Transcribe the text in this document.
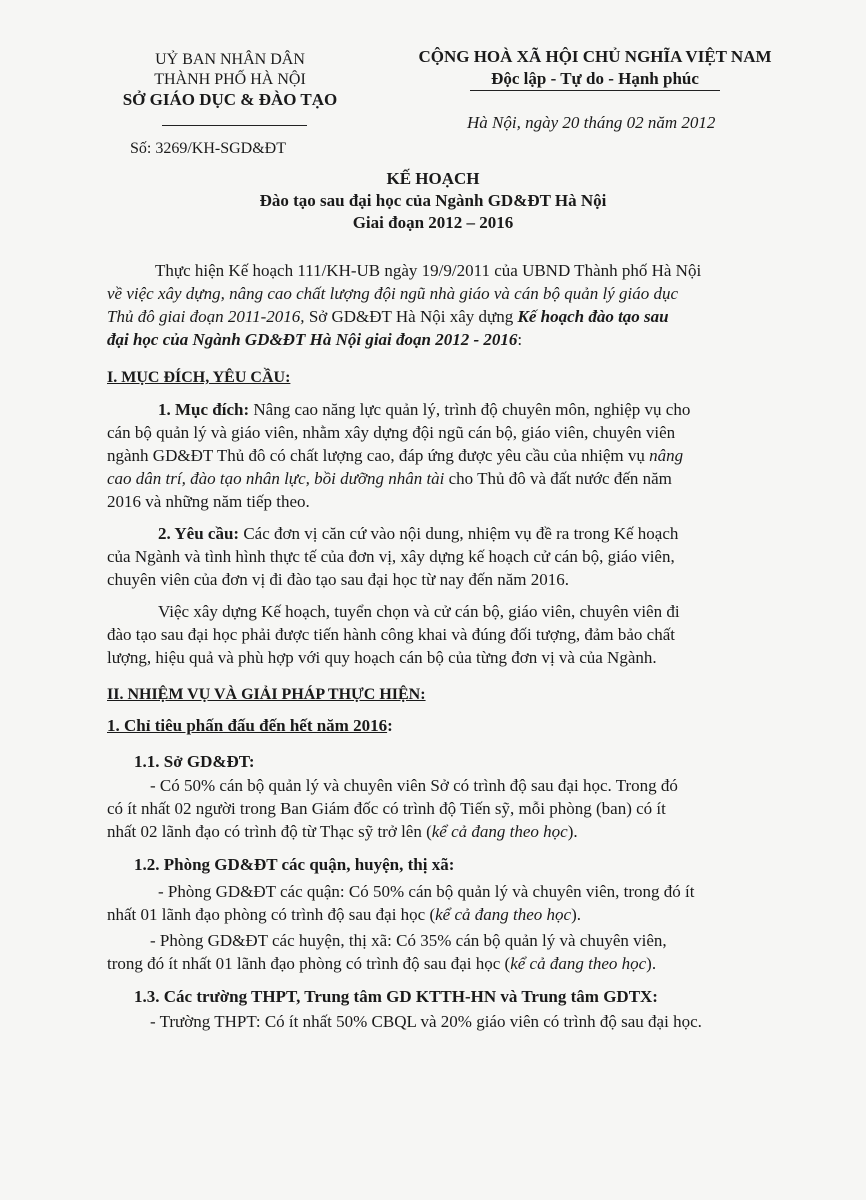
UỶ BAN NHÂN DÂN
THÀNH PHỐ HÀ NỘI
SỞ GIÁO DỤC & ĐÀO TẠO
Số: 3269/KH-SGD&ĐT
CỘNG HOÀ XÃ HỘI CHỦ NGHĨA VIỆT NAM
Độc lập - Tự do - Hạnh phúc
Hà Nội, ngày 20 tháng 02 năm 2012
KẾ HOẠCH
Đào tạo sau đại học của Ngành GD&ĐT Hà Nội
Giai đoạn 2012 – 2016
Thực hiện Kế hoạch 111/KH-UB ngày 19/9/2011 của UBND Thành phố Hà Nội
về việc xây dựng, nâng cao chất lượng đội ngũ nhà giáo và cán bộ quản lý giáo dục
Thủ đô giai đoạn 2011-2016, Sở GD&ĐT Hà Nội xây dựng Kế hoạch đào tạo sau
đại học của Ngành GD&ĐT Hà Nội giai đoạn 2012 - 2016:
I. MỤC ĐÍCH, YÊU CẦU:
1. Mục đích: Nâng cao năng lực quản lý, trình độ chuyên môn, nghiệp vụ cho
cán bộ quản lý và giáo viên, nhằm xây dựng đội ngũ cán bộ, giáo viên, chuyên viên
ngành GD&ĐT Thủ đô có chất lượng cao, đáp ứng được yêu cầu của nhiệm vụ nâng
cao dân trí, đào tạo nhân lực, bồi dưỡng nhân tài cho Thủ đô và đất nước đến năm
2016 và những năm tiếp theo.
2. Yêu cầu: Các đơn vị căn cứ vào nội dung, nhiệm vụ đề ra trong Kế hoạch
của Ngành và tình hình thực tế của đơn vị, xây dựng kế hoạch cử cán bộ, giáo viên,
chuyên viên của đơn vị đi đào tạo sau đại học từ nay đến năm 2016.
Việc xây dựng Kế hoạch, tuyển chọn và cử cán bộ, giáo viên, chuyên viên đi
đào tạo sau đại học phải được tiến hành công khai và đúng đối tượng, đảm bảo chất
lượng, hiệu quả và phù hợp với quy hoạch cán bộ của từng đơn vị và của Ngành.
II. NHIỆM VỤ VÀ GIẢI PHÁP THỰC HIỆN:
1. Chỉ tiêu phấn đấu đến hết năm 2016:
1.1. Sở GD&ĐT:
- Có 50% cán bộ quản lý và chuyên viên Sở có trình độ sau đại học. Trong đó
có ít nhất 02 người trong Ban Giám đốc có trình độ Tiến sỹ, mỗi phòng (ban) có ít
nhất 02 lãnh đạo có trình độ từ Thạc sỹ trở lên (kể cả đang theo học).
1.2. Phòng GD&ĐT các quận, huyện, thị xã:
- Phòng GD&ĐT các quận: Có 50% cán bộ quản lý và chuyên viên, trong đó ít
nhất 01 lãnh đạo phòng có trình độ sau đại học (kể cả đang theo học).
- Phòng GD&ĐT các huyện, thị xã: Có 35% cán bộ quản lý và chuyên viên,
trong đó ít nhất 01 lãnh đạo phòng có trình độ sau đại học (kể cả đang theo học).
1.3. Các trường THPT, Trung tâm GD KTTH-HN và Trung tâm GDTX:
- Trường THPT: Có ít nhất 50% CBQL và 20% giáo viên có trình độ sau đại học.
